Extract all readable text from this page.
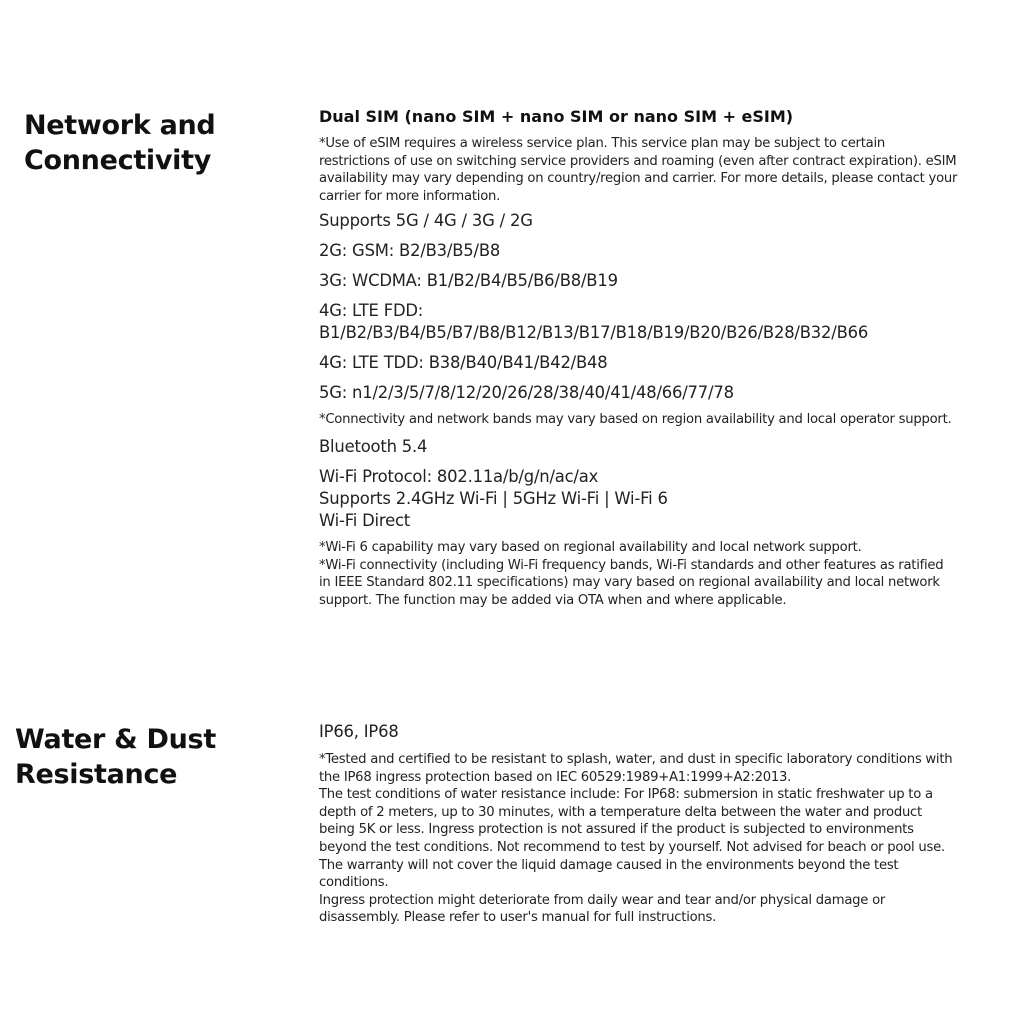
Network and
Connectivity
Dual SIM (nano SIM + nano SIM or nano SIM + eSIM)
*Use of eSIM requires a wireless service plan. This service plan may be subject to certain
restrictions of use on switching service providers and roaming (even after contract expiration). eSIM
availability may vary depending on country/region and carrier. For more details, please contact your
carrier for more information.
Supports 5G / 4G / 3G / 2G
2G: GSM: B2/B3/B5/B8
3G: WCDMA: B1/B2/B4/B5/B6/B8/B19
4G: LTE FDD:
B1/B2/B3/B4/B5/B7/B8/B12/B13/B17/B18/B19/B20/B26/B28/B32/B66
4G: LTE TDD: B38/B40/B41/B42/B48
5G: n1/2/3/5/7/8/12/20/26/28/38/40/41/48/66/77/78
*Connectivity and network bands may vary based on region availability and local operator support.
Bluetooth 5.4
Wi-Fi Protocol: 802.11a/b/g/n/ac/ax
Supports 2.4GHz Wi-Fi | 5GHz Wi-Fi | Wi-Fi 6
Wi-Fi Direct
*Wi-Fi 6 capability may vary based on regional availability and local network support.
*Wi-Fi connectivity (including Wi-Fi frequency bands, Wi-Fi standards and other features as ratified
in IEEE Standard 802.11 specifications) may vary based on regional availability and local network
support. The function may be added via OTA when and where applicable.
Water & Dust
Resistance
IP66, IP68
*Tested and certified to be resistant to splash, water, and dust in specific laboratory conditions with
the IP68 ingress protection based on IEC 60529:1989+A1:1999+A2:2013.
The test conditions of water resistance include: For IP68: submersion in static freshwater up to a
depth of 2 meters, up to 30 minutes, with a temperature delta between the water and product
being 5K or less. Ingress protection is not assured if the product is subjected to environments
beyond the test conditions. Not recommend to test by yourself. Not advised for beach or pool use.
The warranty will not cover the liquid damage caused in the environments beyond the test
conditions.
Ingress protection might deteriorate from daily wear and tear and/or physical damage or
disassembly. Please refer to user's manual for full instructions.
